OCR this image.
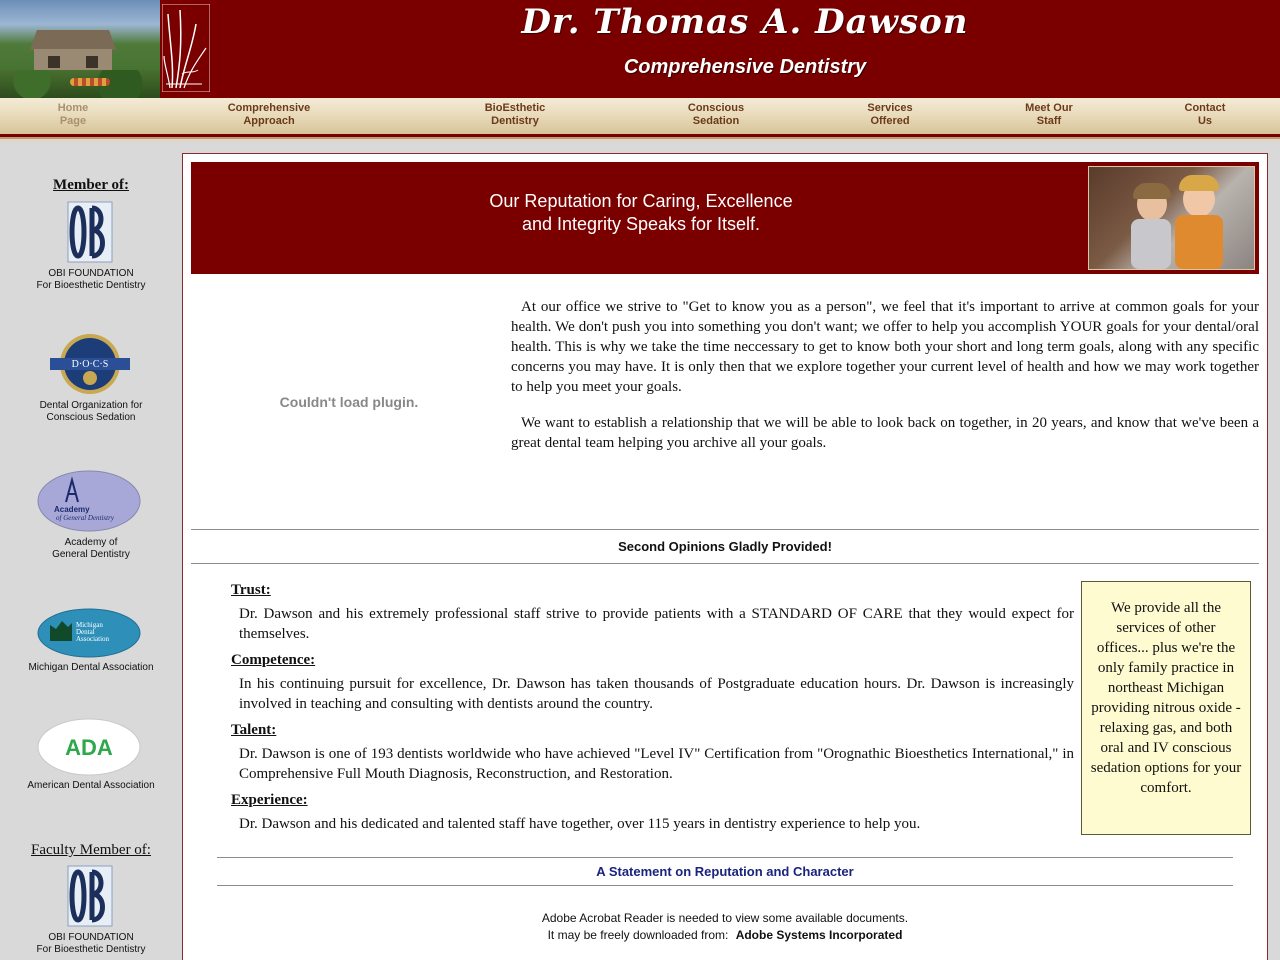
Dr. Thomas A. Dawson
Comprehensive Dentistry
Home
Page
Comprehensive
Approach
BioEsthetic
Dentistry
Conscious
Sedation
Services
Offered
Meet Our
Staff
Contact
Us
Member of:
OBI FOUNDATION
For Bioesthetic Dentistry
D·O·C·S
Dental Organization for
Conscious Sedation
Academy
of General Dentistry
Academy of
General Dentistry
Michigan
Dental
Association
Michigan Dental Association
ADA
American Dental Association
Faculty Member of:
OBI FOUNDATION
For Bioesthetic Dentistry
Our Reputation for Caring, Excellence
and Integrity Speaks for Itself.
Couldn't load plugin.
At our office we strive to "Get to know you as a person", we feel that it's important to arrive at common goals for your health. We don't push you into something you don't want; we offer to help you accomplish YOUR goals for your dental/oral health. This is why we take the time neccessary to get to know both your short and long term goals, along with any specific concerns you may have. It is only then that we explore together your current level of health and how we may work together to help you meet your goals.
We want to establish a relationship that we will be able to look back on together, in 20 years, and know that we've been a great dental team helping you archive all your goals.
Second Opinions Gladly Provided!
Trust:
Dr. Dawson and his extremely professional staff strive to provide patients with a STANDARD OF CARE that they would expect for themselves.
Competence:
In his continuing pursuit for excellence, Dr. Dawson has taken thousands of Postgraduate education hours. Dr. Dawson is increasingly involved in teaching and consulting with dentists around the country.
Talent:
Dr. Dawson is one of 193 dentists worldwide who have achieved "Level IV" Certification from "Orognathic Bioesthetics International," in Comprehensive Full Mouth Diagnosis, Reconstruction, and Restoration.
Experience:
Dr. Dawson and his dedicated and talented staff have together, over 115 years in dentistry experience to help you.
We provide all the services of other offices... plus we're the only family practice in northeast Michigan providing nitrous oxide - relaxing gas, and both oral and IV conscious sedation options for your comfort.
A Statement on Reputation and Character
Adobe Acrobat Reader is needed to view some available documents.
It may be freely downloaded from: Adobe Systems Incorporated
